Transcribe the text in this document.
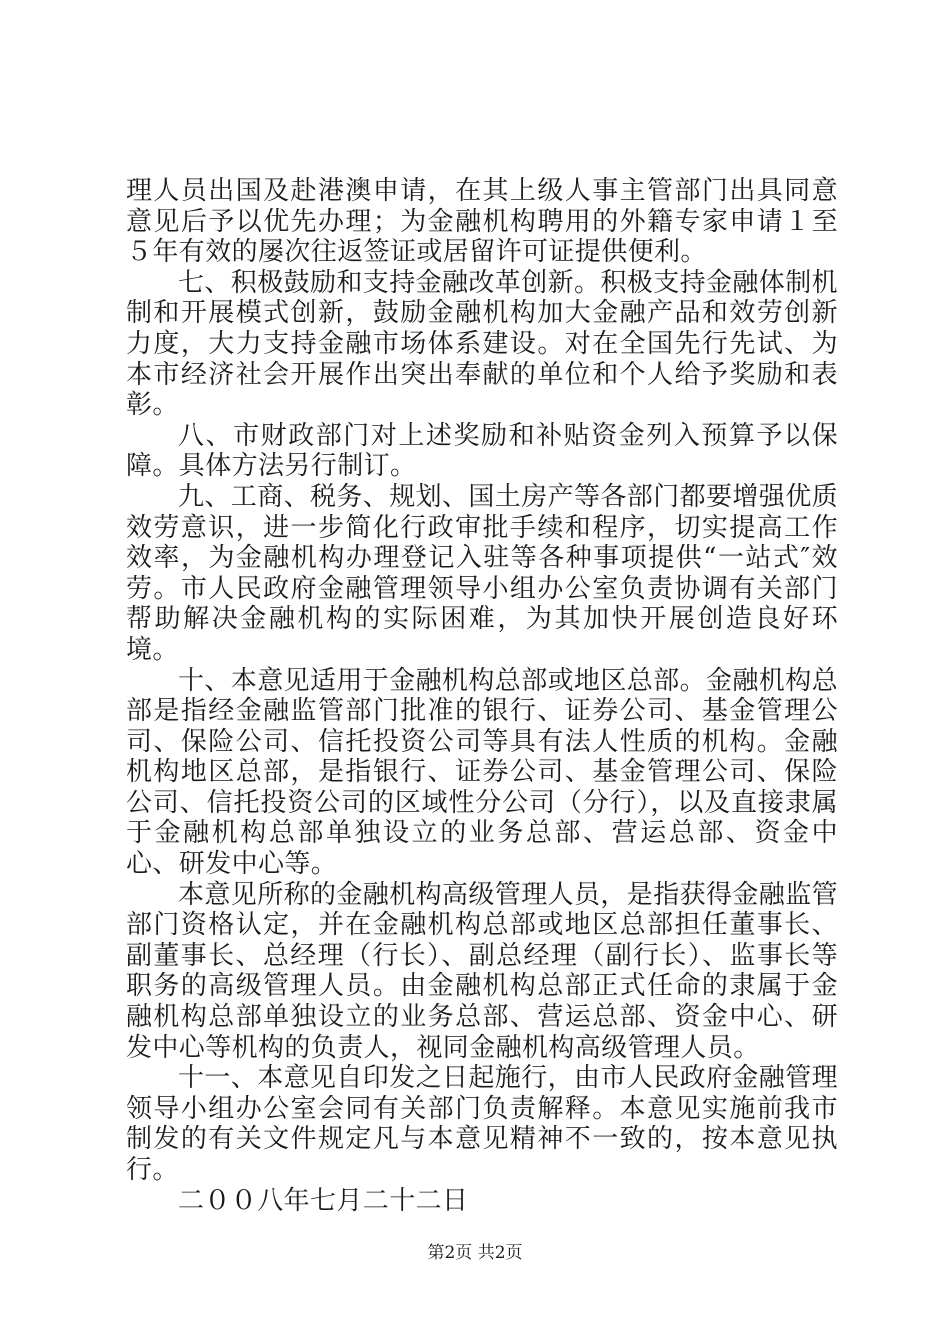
理人员出国及赴港澳申请，在其上级人事主管部门出具同意意见后予以优先办理；为金融机构聘用的外籍专家申请１至５年有效的屡次往返签证或居留许可证提供便利。

七、积极鼓励和支持金融改革创新。积极支持金融体制机制和开展模式创新，鼓励金融机构加大金融产品和效劳创新力度，大力支持金融市场体系建设。对在全国先行先试、为本市经济社会开展作出突出奉献的单位和个人给予奖励和表彰。

八、市财政部门对上述奖励和补贴资金列入预算予以保障。具体方法另行制订。

九、工商、税务、规划、国土房产等各部门都要增强优质效劳意识，进一步简化行政审批手续和程序，切实提高工作效率，为金融机构办理登记入驻等各种事项提供“一站式″效劳。市人民政府金融管理领导小组办公室负责协调有关部门帮助解决金融机构的实际困难，为其加快开展创造良好环境。

十、本意见适用于金融机构总部或地区总部。金融机构总部是指经金融监管部门批准的银行、证券公司、基金管理公司、保险公司、信托投资公司等具有法人性质的机构。金融机构地区总部，是指银行、证券公司、基金管理公司、保险公司、信托投资公司的区域性分公司（分行），以及直接隶属于金融机构总部单独设立的业务总部、营运总部、资金中心、研发中心等。

本意见所称的金融机构高级管理人员，是指获得金融监管部门资格认定，并在金融机构总部或地区总部担任董事长、副董事长、总经理（行长）、副总经理（副行长）、监事长等职务的高级管理人员。由金融机构总部正式任命的隶属于金融机构总部单独设立的业务总部、营运总部、资金中心、研发中心等机构的负责人，视同金融机构高级管理人员。

十一、本意见自印发之日起施行，由市人民政府金融管理领导小组办公室会同有关部门负责解释。本意见实施前我市制发的有关文件规定凡与本意见精神不一致的，按本意见执行。

二００八年七月二十二日

第2页 共2页
